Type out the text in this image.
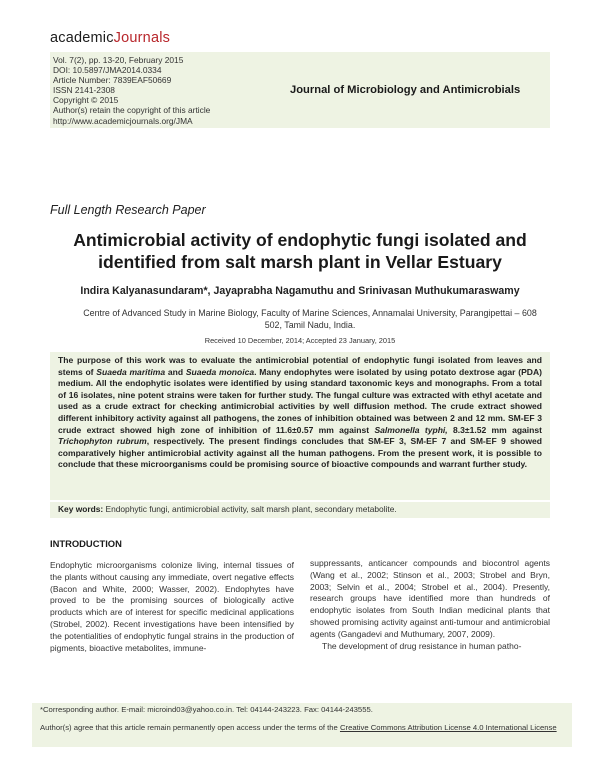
academicJournals
Vol. 7(2), pp. 13-20, February 2015
DOI: 10.5897/JMA2014.0334
Article Number: 7839EAF50669
ISSN 2141-2308
Copyright © 2015
Author(s) retain the copyright of this article
http://www.academicjournals.org/JMA
Journal of Microbiology and Antimicrobials
Full Length Research Paper
Antimicrobial activity of endophytic fungi isolated and
identified from salt marsh plant in Vellar Estuary
Indira Kalyanasundaram*, Jayaprabha Nagamuthu and Srinivasan Muthukumaraswamy
Centre of Advanced Study in Marine Biology, Faculty of Marine Sciences, Annamalai University, Parangipettai – 608
502, Tamil Nadu, India.
Received 10 December, 2014; Accepted 23 January, 2015
The purpose of this work was to evaluate the antimicrobial potential of endophytic fungi isolated from leaves and stems of Suaeda maritima and Suaeda monoica. Many endophytes were isolated by using potato dextrose agar (PDA) medium. All the endophytic isolates were identified by using standard taxonomic keys and monographs. From a total of 16 isolates, nine potent strains were taken for further study. The fungal culture was extracted with ethyl acetate and used as a crude extract for checking antimicrobial activities by well diffusion method. The crude extract showed different inhibitory activity against all pathogens, the zones of inhibition obtained was between 2 and 12 mm. SM-EF 3 crude extract showed high zone of inhibition of 11.6±0.57 mm against Salmonella typhi, 8.3±1.52 mm against Trichophyton rubrum, respectively. The present findings concludes that SM-EF 3, SM-EF 7 and SM-EF 9 showed comparatively higher antimicrobial activity against all the human pathogens. From the present work, it is possible to conclude that these microorganisms could be promising source of bioactive compounds and warrant further study.
Key words: Endophytic fungi, antimicrobial activity, salt marsh plant, secondary metabolite.
INTRODUCTION
Endophytic microorganisms colonize living, internal tissues of the plants without causing any immediate, overt negative effects (Bacon and White, 2000; Wasser, 2002). Endophytes have proved to be the promising sources of biologically active products which are of interest for specific medicinal applications (Strobel, 2002). Recent investigations have been intensified by the potentialities of endophytic fungal strains in the production of pigments, bioactive metabolites, immune-
suppressants, anticancer compounds and biocontrol agents (Wang et al., 2002; Stinson et al., 2003; Strobel and Bryn, 2003; Selvin et al., 2004; Strobel et al., 2004). Presently, research groups have identified more than hundreds of endophytic isolates from South Indian medicinal plants that showed promising activity against anti-tumour and antimicrobial agents (Gangadevi and Muthumary, 2007, 2009).
The development of drug resistance in human patho-
*Corresponding author. E-mail: microind03@yahoo.co.in. Tel: 04144-243223. Fax: 04144-243555.
Author(s) agree that this article remain permanently open access under the terms of the Creative Commons Attribution License 4.0 International License
